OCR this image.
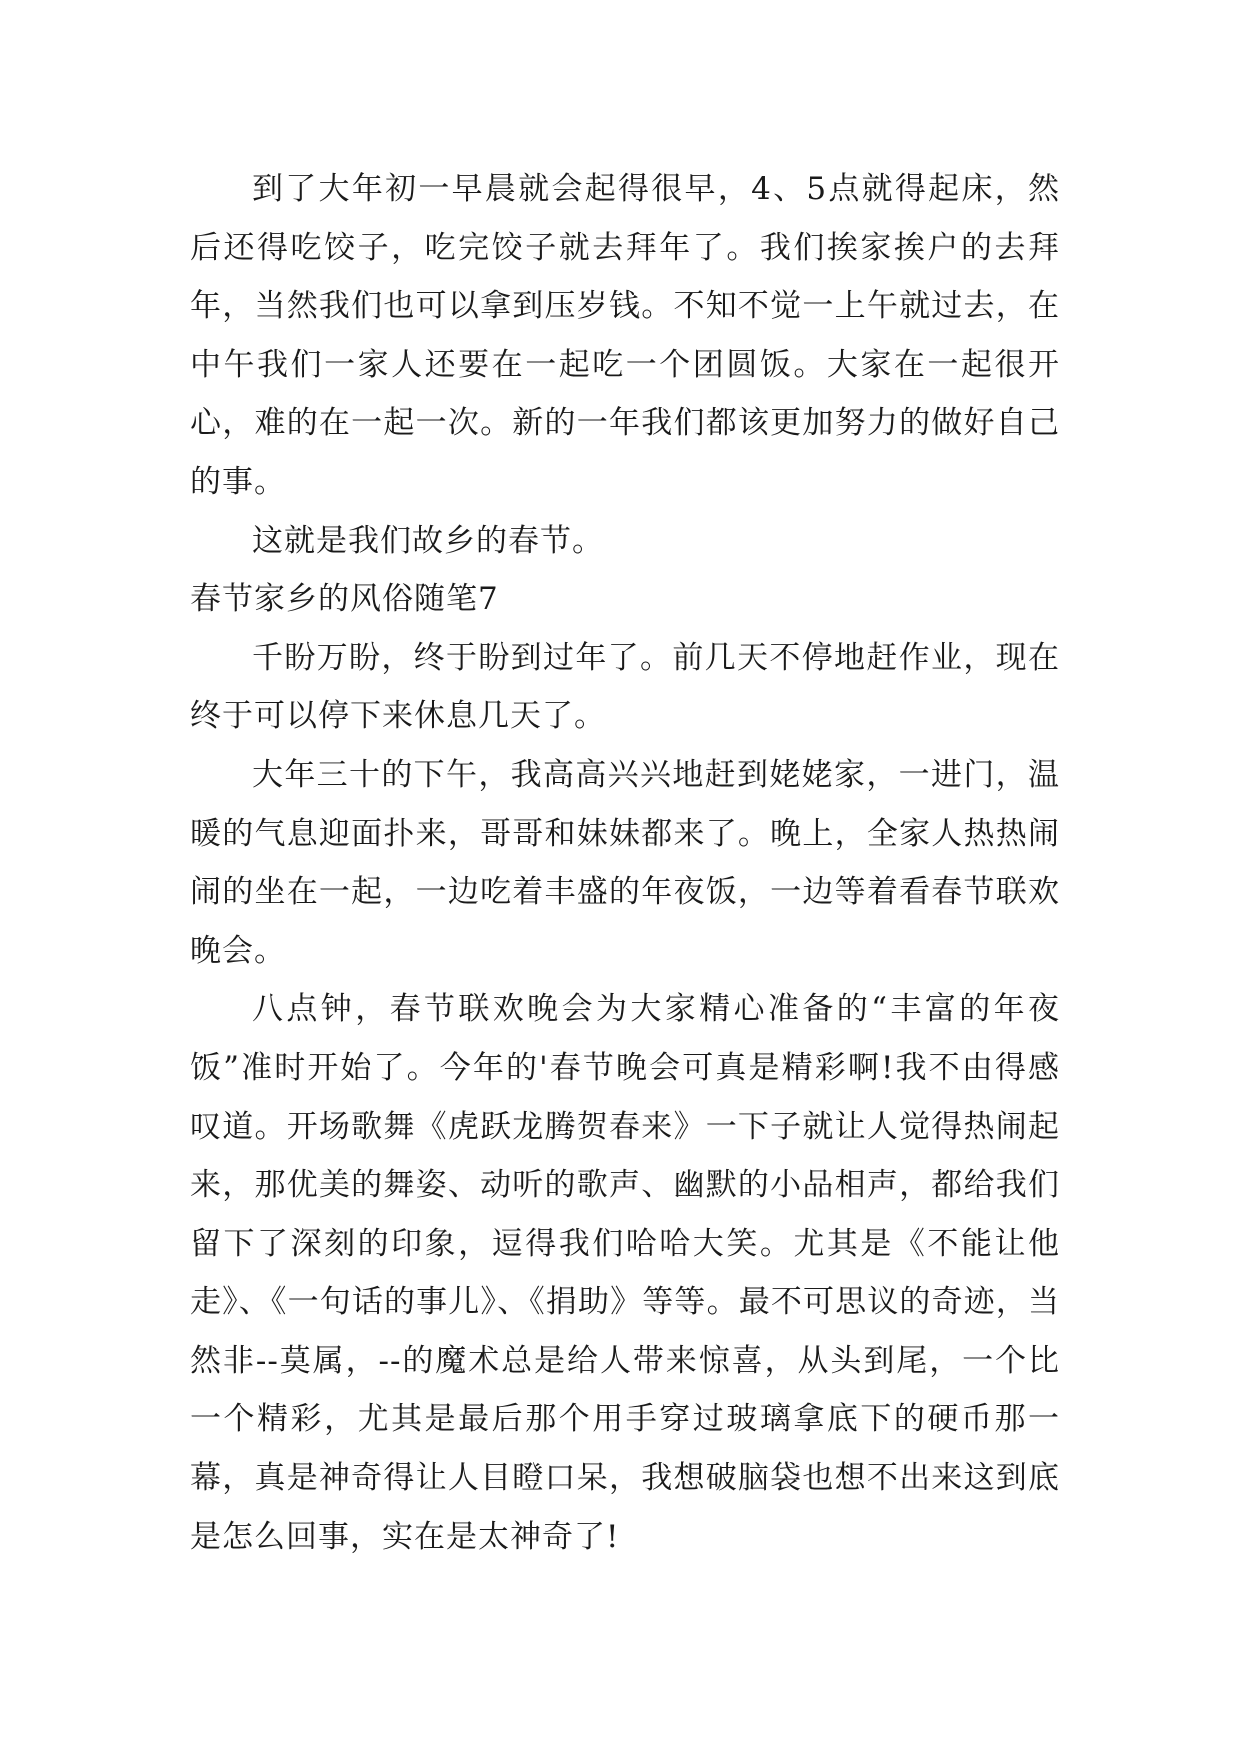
到了大年初一早晨就会起得很早，4、5点就得起床，然后还得吃饺子，吃完饺子就去拜年了。我们挨家挨户的去拜年，当然我们也可以拿到压岁钱。不知不觉一上午就过去，在中午我们一家人还要在一起吃一个团圆饭。大家在一起很开心，难的在一起一次。新的一年我们都该更加努力的做好自己的事。

这就是我们故乡的春节。

春节家乡的风俗随笔7

千盼万盼，终于盼到过年了。前几天不停地赶作业，现在终于可以停下来休息几天了。

大年三十的下午，我高高兴兴地赶到姥姥家，一进门，温暖的气息迎面扑来，哥哥和妹妹都来了。晚上，全家人热热闹闹的坐在一起，一边吃着丰盛的年夜饭，一边等着看春节联欢晚会。

八点钟，春节联欢晚会为大家精心准备的“丰富的年夜饭”准时开始了。今年的'春节晚会可真是精彩啊!我不由得感叹道。开场歌舞《虎跃龙腾贺春来》一下子就让人觉得热闹起来，那优美的舞姿、动听的歌声、幽默的小品相声，都给我们留下了深刻的印象，逗得我们哈哈大笑。尤其是《不能让他走》、《一句话的事儿》、《捐助》等等。最不可思议的奇迹，当然非--莫属，--的魔术总是给人带来惊喜，从头到尾，一个比一个精彩，尤其是最后那个用手穿过玻璃拿底下的硬币那一幕，真是神奇得让人目瞪口呆，我想破脑袋也想不出来这到底是怎么回事，实在是太神奇了!
